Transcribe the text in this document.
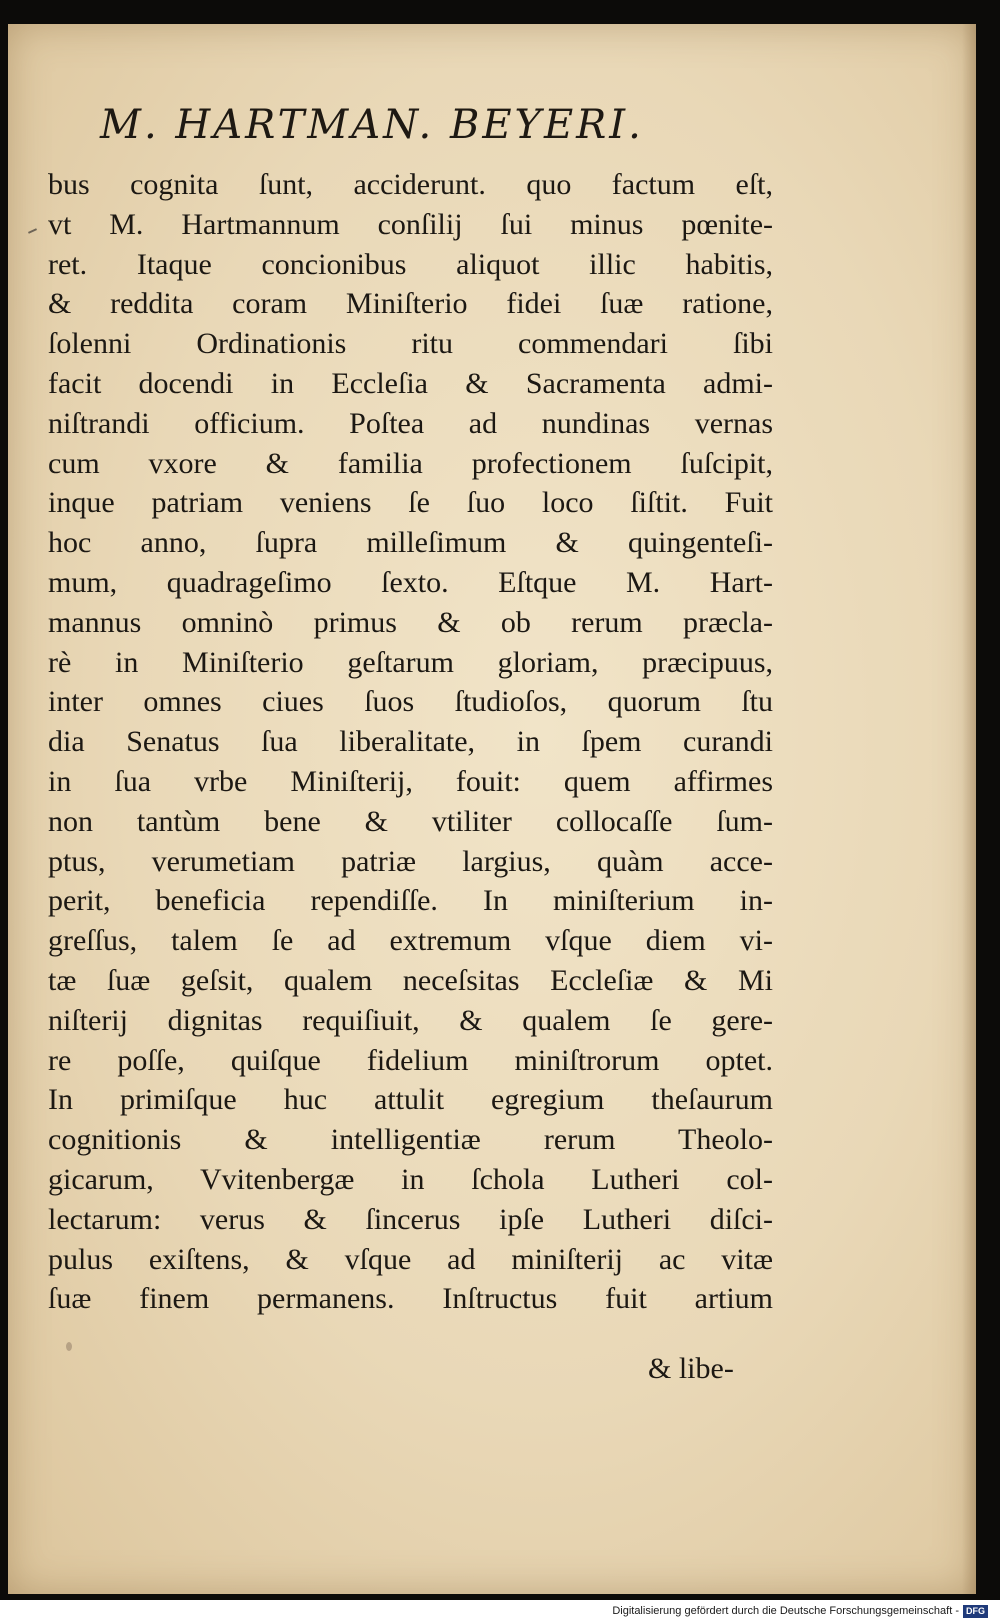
M. HARTMAN. BEYERI.
bus cognita ſunt, acciderunt. quo factum eſt,
vt M. Hartmannum conſilij ſui minus pœnite-
ret. Itaque concionibus aliquot illic habitis,
& reddita coram Miniſterio fidei ſuæ ratione,
ſolenni Ordinationis ritu commendari ſibi
facit docendi in Eccleſia & Sacramenta admi-
niſtrandi officium. Poſtea ad nundinas vernas
cum vxore & familia profectionem ſuſcipit,
inque patriam veniens ſe ſuo loco ſiſtit. Fuit
hoc anno, ſupra milleſimum & quingenteſi-
mum, quadrageſimo ſexto. Eſtque M. Hart-
mannus omninò primus & ob rerum præcla-
rè in Miniſterio geſtarum gloriam, præcipuus,
inter omnes ciues ſuos ſtudioſos, quorum ſtu
dia Senatus ſua liberalitate, in ſpem curandi
in ſua vrbe Miniſterij, fouit: quem affirmes
non tantùm bene & vtiliter collocaſſe ſum-
ptus, verumetiam patriæ largius, quàm acce-
perit, beneficia rependiſſe. In miniſterium in-
greſſus, talem ſe ad extremum vſque diem vi-
tæ ſuæ geſsit, qualem neceſsitas Eccleſiæ & Mi
niſterij dignitas requiſiuit, & qualem ſe gere-
re poſſe, quiſque fidelium miniſtrorum optet.
In primiſque huc attulit egregium theſaurum
cognitionis & intelligentiæ rerum Theolo-
gicarum, Vvitenbergæ in ſchola Lutheri col-
lectarum: verus & ſincerus ipſe Lutheri diſci-
pulus exiſtens, & vſque ad miniſterij ac vitæ
ſuæ finem permanens. Inſtructus fuit artium
& libe-
Digitalisierung gefördert durch die Deutsche Forschungsgemeinschaft - DFG
